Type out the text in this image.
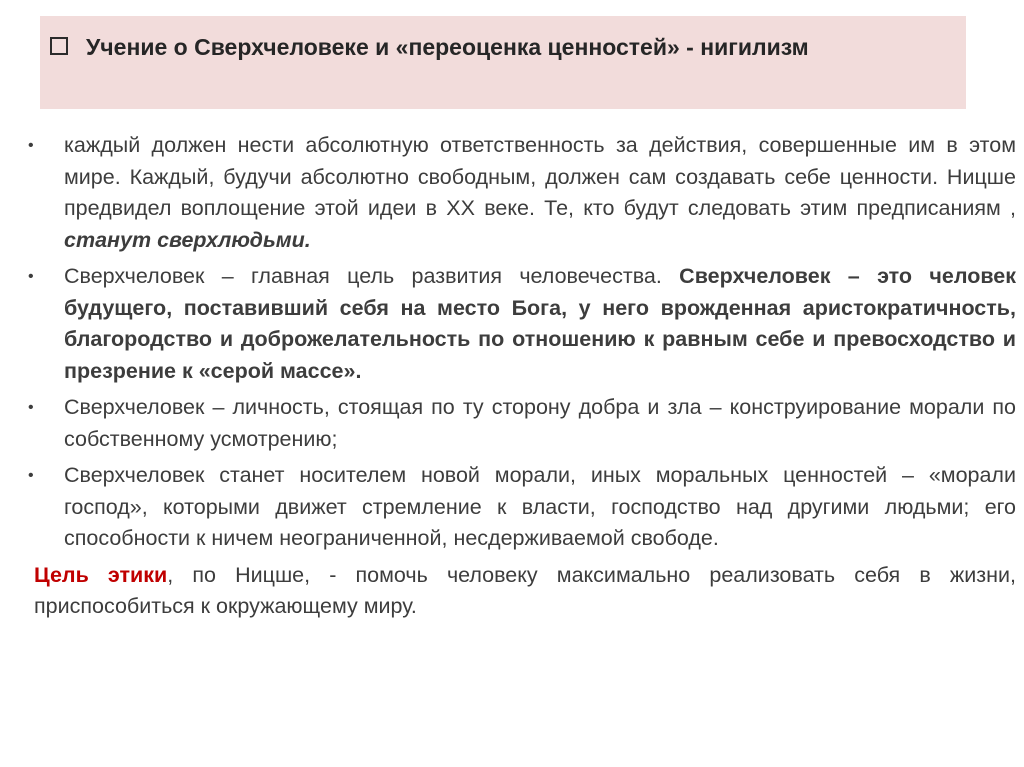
Учение о Сверхчеловеке и «переоценка ценностей» - нигилизм
•	каждый должен нести абсолютную ответственность за действия, совершенные им в этом мире. Каждый, будучи абсолютно свободным, должен сам создавать себе ценности. Ницше предвидел воплощение этой идеи в XX веке. Те, кто будут следовать этим предписаниям , станут сверхлюдьми.
•	Сверхчеловек – главная цель развития человечества. Сверхчеловек – это человек будущего, поставивший себя на место Бога, у него врожденная аристократичность, благородство и доброжелательность по отношению к равным себе и превосходство и презрение к «серой массе».
•	Сверхчеловек – личность, стоящая по ту сторону добра и зла – конструирование морали по собственному усмотрению;
•	Сверхчеловек станет носителем новой морали, иных моральных ценностей – «морали господ», которыми движет стремление к власти, господство над другими людьми; его способности к ничем неограниченной, несдерживаемой свободе.
Цель этики, по Ницше, - помочь человеку максимально реализовать себя в жизни, приспособиться к окружающему миру.
